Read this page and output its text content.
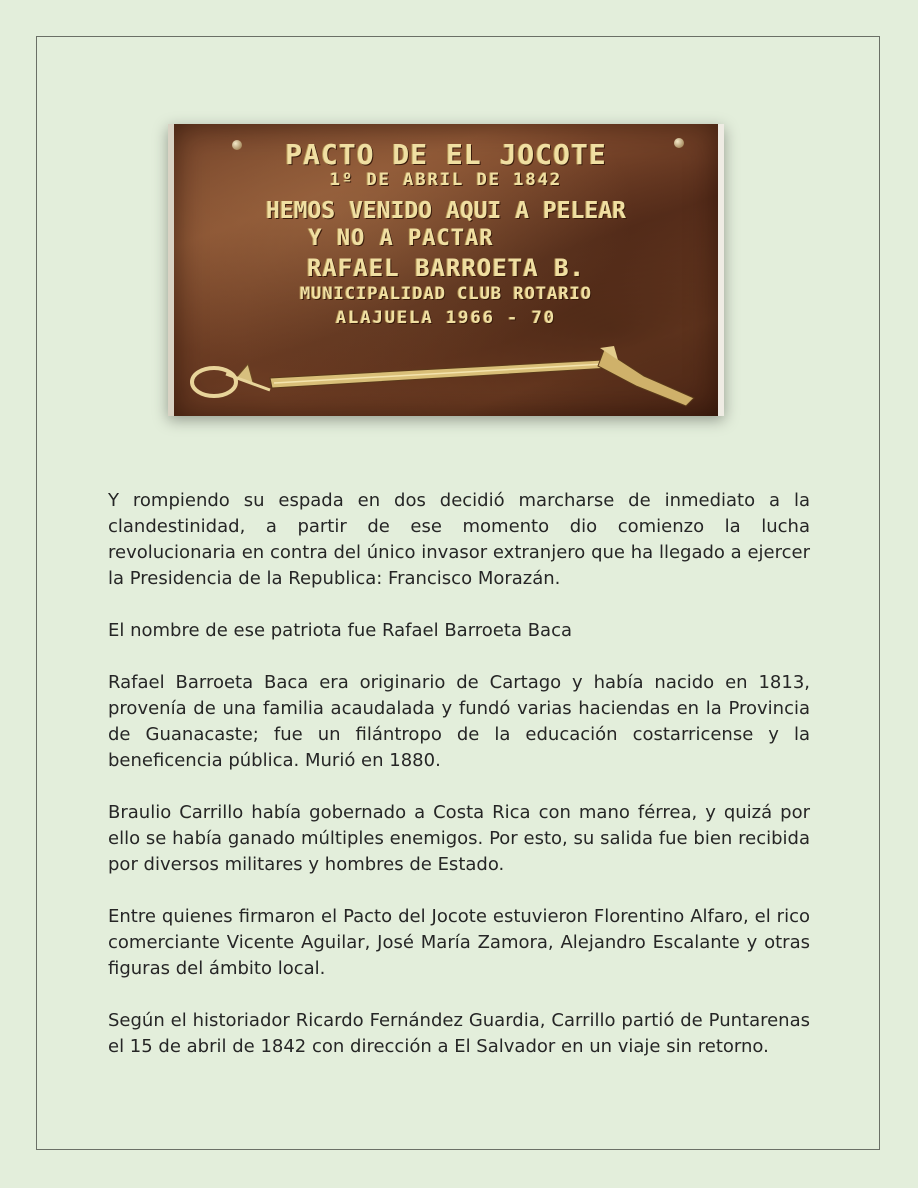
PACTO DE EL JOCOTE
1º DE ABRIL DE 1842
HEMOS VENIDO AQUI A PELEAR
Y NO A PACTAR
RAFAEL BARROETA B.
MUNICIPALIDAD CLUB ROTARIO
ALAJUELA 1966 - 70

Y rompiendo su espada en dos decidió marcharse de inmediato a la clandestinidad, a partir de ese momento dio comienzo la lucha revolucionaria en contra del único invasor extranjero que ha llegado a ejercer la Presidencia de la Republica: Francisco Morazán.

El nombre de ese patriota fue Rafael Barroeta Baca

Rafael Barroeta Baca era originario de Cartago y había nacido en 1813, provenía de una familia acaudalada y fundó varias haciendas en la Provincia de Guanacaste; fue un filántropo de la educación costarricense y la beneficencia pública. Murió en 1880.

Braulio Carrillo había gobernado a Costa Rica con mano férrea, y quizá por ello se había ganado múltiples enemigos. Por esto, su salida fue bien recibida por diversos militares y hombres de Estado.

Entre quienes firmaron el Pacto del Jocote estuvieron Florentino Alfaro, el rico comerciante Vicente Aguilar, José María Zamora, Alejandro Escalante y otras figuras del ámbito local.

Según el historiador Ricardo Fernández Guardia, Carrillo partió de Puntarenas el 15 de abril de 1842 con dirección a El Salvador en un viaje sin retorno.
